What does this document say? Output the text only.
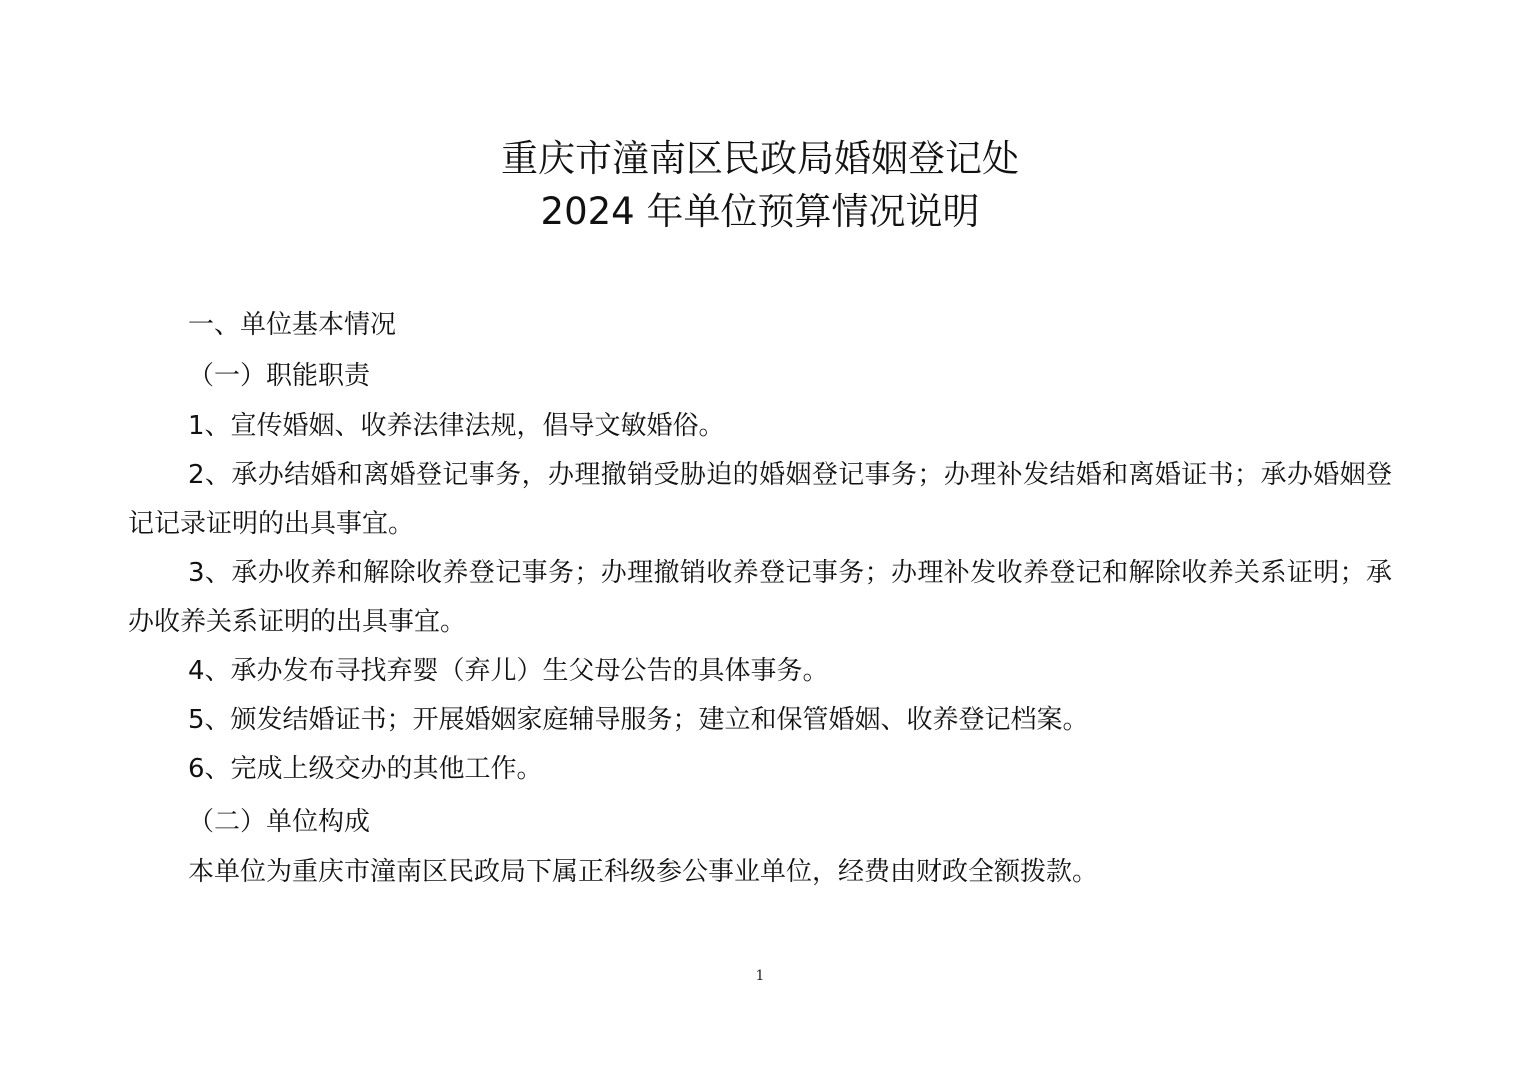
重庆市潼南区民政局婚姻登记处
2024 年单位预算情况说明
一、单位基本情况
（一）职能职责
1、宣传婚姻、收养法律法规，倡导文敏婚俗。
2、承办结婚和离婚登记事务，办理撤销受胁迫的婚姻登记事务；办理补发结婚和离婚证书；承办婚姻登记记录证明的出具事宜。
3、承办收养和解除收养登记事务；办理撤销收养登记事务；办理补发收养登记和解除收养关系证明；承办收养关系证明的出具事宜。
4、承办发布寻找弃婴（弃儿）生父母公告的具体事务。
5、颁发结婚证书；开展婚姻家庭辅导服务；建立和保管婚姻、收养登记档案。
6、完成上级交办的其他工作。
（二）单位构成
本单位为重庆市潼南区民政局下属正科级参公事业单位，经费由财政全额拨款。
1
